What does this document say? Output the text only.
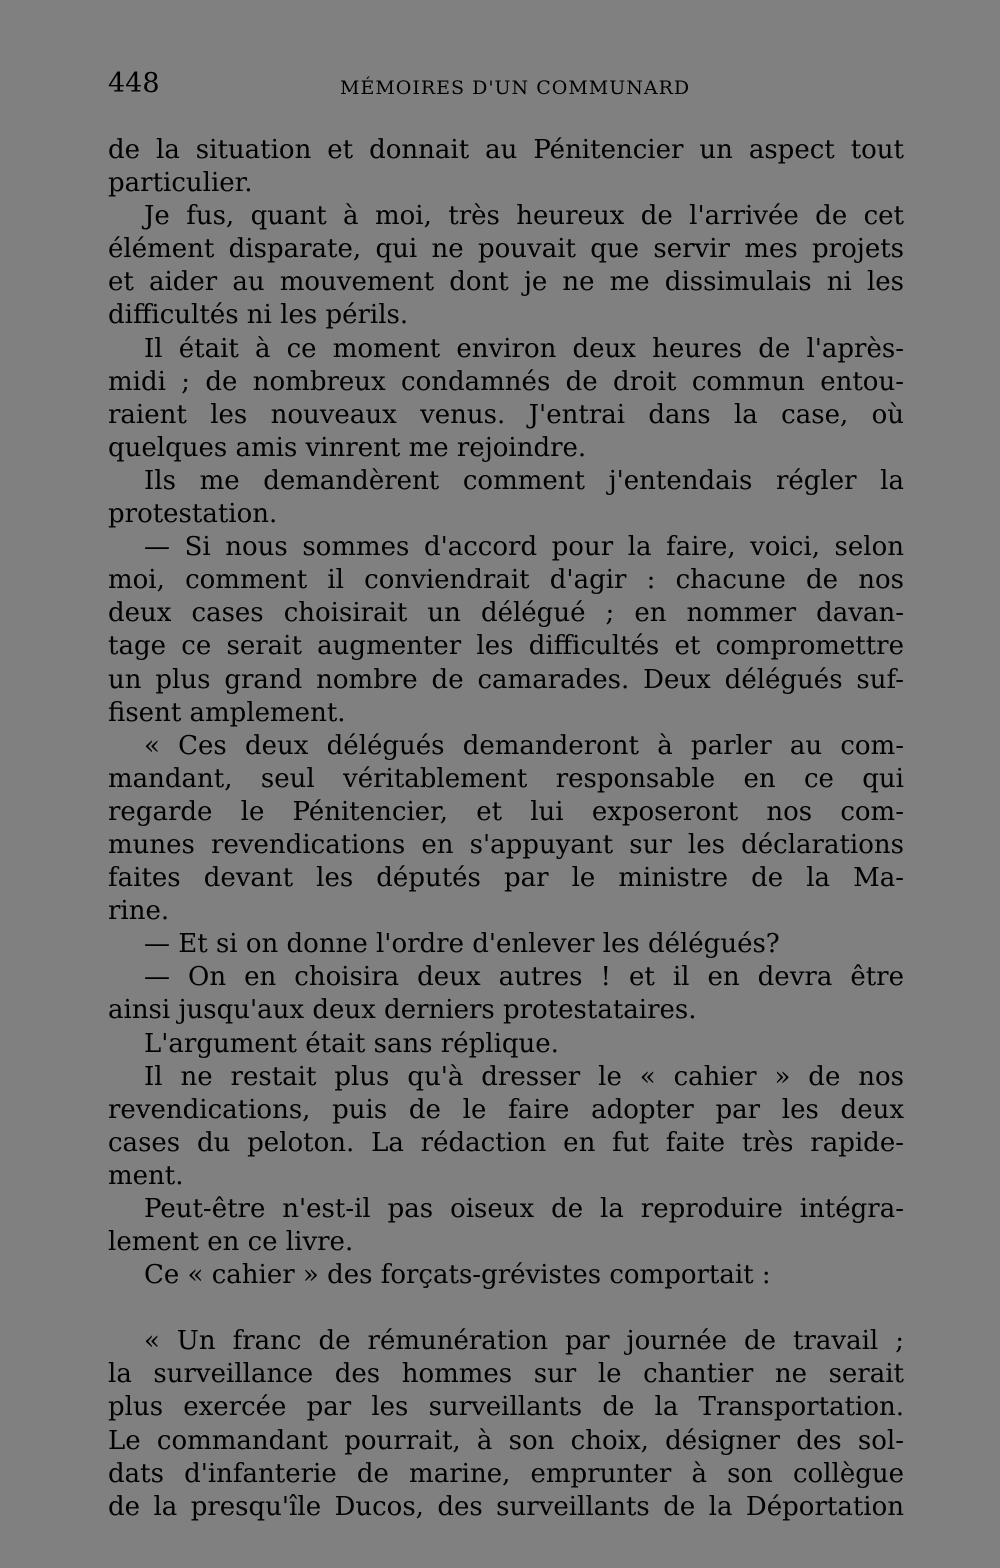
448	MÉMOIRES D'UN COMMUNARD
de la situation et donnait au Pénitencier un aspect tout
particulier.
Je fus, quant à moi, très heureux de l'arrivée de cet
élément disparate, qui ne pouvait que servir mes projets
et aider au mouvement dont je ne me dissimulais ni les
difficultés ni les périls.
Il était à ce moment environ deux heures de l'après-
midi ; de nombreux condamnés de droit commun entou-
raient les nouveaux venus. J'entrai dans la case, où
quelques amis vinrent me rejoindre.
Ils me demandèrent comment j'entendais régler la
protestation.
— Si nous sommes d'accord pour la faire, voici, selon
moi, comment il conviendrait d'agir : chacune de nos
deux cases choisirait un délégué ; en nommer davan-
tage ce serait augmenter les difficultés et compromettre
un plus grand nombre de camarades. Deux délégués suf-
fisent amplement.
« Ces deux délégués demanderont à parler au com-
mandant, seul véritablement responsable en ce qui
regarde le Pénitencier, et lui exposeront nos com-
munes revendications en s'appuyant sur les déclarations
faites devant les députés par le ministre de la Ma-
rine.
— Et si on donne l'ordre d'enlever les délégués?
— On en choisira deux autres ! et il en devra être
ainsi jusqu'aux deux derniers protestataires.
L'argument était sans réplique.
Il ne restait plus qu'à dresser le « cahier » de nos
revendications, puis de le faire adopter par les deux
cases du peloton. La rédaction en fut faite très rapide-
ment.
Peut-être n'est-il pas oiseux de la reproduire intégra-
lement en ce livre.
Ce « cahier » des forçats-grévistes comportait :
« Un franc de rémunération par journée de travail ;
la surveillance des hommes sur le chantier ne serait
plus exercée par les surveillants de la Transportation.
Le commandant pourrait, à son choix, désigner des sol-
dats d'infanterie de marine, emprunter à son collègue
de la presqu'île Ducos, des surveillants de la Déportation
